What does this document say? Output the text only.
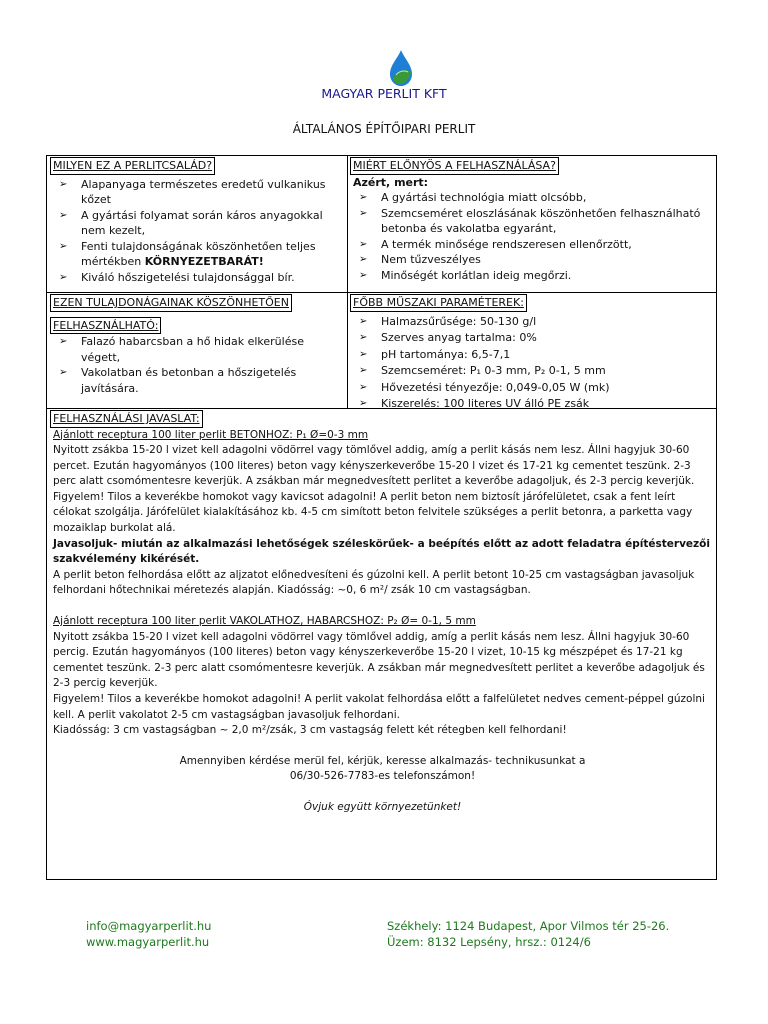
MAGYAR PERLIT KFT
ÁLTALÁNOS ÉPÍTŐIPARI PERLIT
MILYEN EZ A PERLITCSALÁD?
➢ Alapanyaga természetes eredetű vulkanikus kőzet
➢ A gyártási folyamat során káros anyagokkal nem kezelt,
➢ Fenti tulajdonságának köszönhetően teljes mértékben KÖRNYEZETBARÁT!
➢ Kiváló hőszigetelési tulajdonsággal bír.
MIÉRT ELŐNYÖS A FELHASZNÁLÁSA?
Azért, mert:
➢ A gyártási technológia miatt olcsóbb,
➢ Szemcseméret eloszlásának köszönhetően felhasználható betonba és vakolatba egyaránt,
➢ A termék minősége rendszeresen ellenőrzött,
➢ Nem tűzveszélyes
➢ Minőségét korlátlan ideig megőrzi.
EZEN TULAJDONÁGAINAK KÖSZÖNHETŐEN
FELHASZNÁLHATÓ:
➢ Falazó habarcsban a hő hidak elkerülése végett,
➢ Vakolatban és betonban a hőszigetelés javítására.
FŐBB MŰSZAKI PARAMÉTEREK:
➢ Halmazsűrűsége: 50-130 g/l
➢ Szerves anyag tartalma: 0%
➢ pH tartománya: 6,5-7,1
➢ Szemcseméret: P₁ 0-3 mm, P₂ 0-1, 5 mm
➢ Hővezetési tényezője: 0,049-0,05 W (mk)
➢ Kiszerelés: 100 literes UV álló PE zsák
FELHASZNÁLÁSI JAVASLAT:

Ajánlott receptura 100 liter perlit BETONHOZ: P₁ Ø=0-3 mm

Nyitott zsákba 15-20 l vizet kell adagolni vödörrel vagy tömlővel addig, amíg a perlit kásás nem lesz. Állni hagyjuk 30-60 percet. Ezután hagyományos (100 literes) beton vagy kényszerkeverőbe 15-20 l vizet és 17-21 kg cementet teszünk. 2-3 perc alatt csomómentesre keverjük. A zsákban már megnedvesített perlitet a keverőbe adagoljuk, és 2-3 percig keverjük.

Figyelem! Tilos a keverékbe homokot vagy kavicsot adagolni! A perlit beton nem biztosít járófelületet, csak a fent leírt célokat szolgálja. Járófelület kialakításához kb. 4-5 cm simított beton felvitele szükséges a perlit betonra, a parketta vagy mozaiklap burkolat alá.

Javasoljuk- miután az alkalmazási lehetőségek széleskörűek- a beépítés előtt az adott feladatra építéstervezői szakvélemény kikérését.

A perlit beton felhordása előtt az aljzatot előnedvesíteni és gúzolni kell. A perlit betont 10-25 cm vastagságban javasoljuk felhordani hőtechnikai méretezés alapján. Kiadósság: ~0, 6 m²/ zsák 10 cm vastagságban.

Ajánlott receptura 100 liter perlit VAKOLATHOZ, HABARCSHOZ: P₂ Ø= 0-1, 5 mm

Nyitott zsákba 15-20 l vizet kell adagolni vödörrel vagy tömlővel addig, amíg a perlit kásás nem lesz. Állni hagyjuk 30-60 percig. Ezután hagyományos (100 literes) beton vagy kényszerkeverőbe 15-20 l vizet, 10-15 kg mészpépet és 17-21 kg cementet teszünk. 2-3 perc alatt csomómentesre keverjük. A zsákban már megnedvesített perlitet a keverőbe adagoljuk és 2-3 percig keverjük.

Figyelem! Tilos a keverékbe homokot adagolni! A perlit vakolat felhordása előtt a falfelületet nedves cement-péppel gúzolni kell. A perlit vakolatot 2-5 cm vastagságban javasoljuk felhordani.

Kiadósság: 3 cm vastagságban ~ 2,0 m²/zsák, 3 cm vastagság felett két rétegben kell felhordani!

Amennyiben kérdése merül fel, kérjük, keresse alkalmazás- technikusunkat a

06/30-526-7783-es telefonszámon!

Óvjuk együtt környezetünket!

info@magyarperlit.hu
www.magyarperlit.hu
Székhely: 1124 Budapest, Apor Vilmos tér 25-26.
Üzem: 8132 Lepsény, hrsz.: 0124/6
